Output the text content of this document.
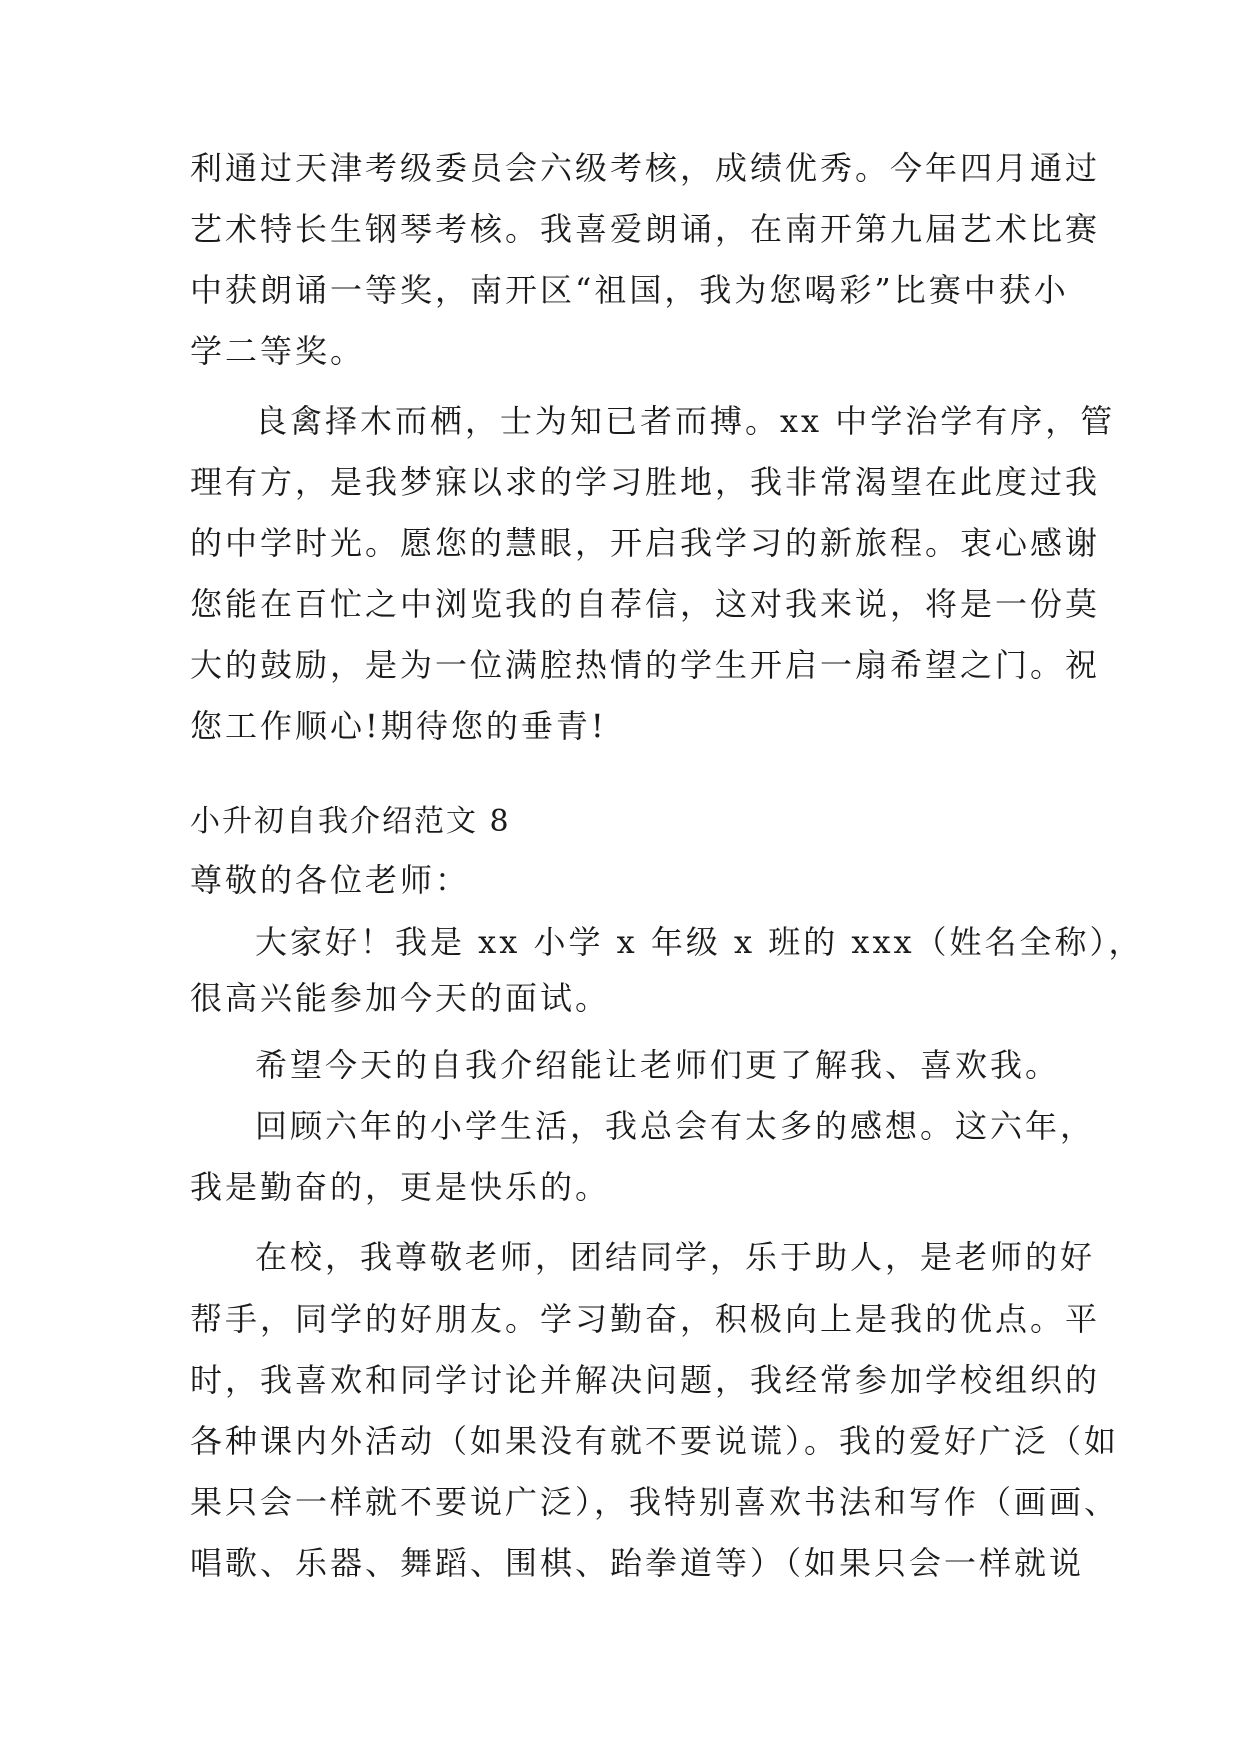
利通过天津考级委员会六级考核，成绩优秀。今年四月通过
艺术特长生钢琴考核。我喜爱朗诵，在南开第九届艺术比赛
中获朗诵一等奖，南开区“祖国，我为您喝彩”比赛中获小
学二等奖。
良禽择木而栖，士为知已者而搏。xx 中学治学有序，管
理有方，是我梦寐以求的学习胜地，我非常渴望在此度过我
的中学时光。愿您的慧眼，开启我学习的新旅程。衷心感谢
您能在百忙之中浏览我的自荐信，这对我来说，将是一份莫
大的鼓励，是为一位满腔热情的学生开启一扇希望之门。祝
您工作顺心!期待您的垂青!
小升初自我介绍范文 8
尊敬的各位老师：
大家好！我是 xx 小学 x 年级 x 班的 xxx（姓名全称），
很高兴能参加今天的面试。
希望今天的自我介绍能让老师们更了解我、喜欢我。
回顾六年的小学生活，我总会有太多的感想。这六年，
我是勤奋的，更是快乐的。
在校，我尊敬老师，团结同学，乐于助人，是老师的好
帮手，同学的好朋友。学习勤奋，积极向上是我的优点。平
时，我喜欢和同学讨论并解决问题，我经常参加学校组织的
各种课内外活动（如果没有就不要说谎）。我的爱好广泛（如
果只会一样就不要说广泛），我特别喜欢书法和写作（画画、
唱歌、乐器、舞蹈、围棋、跆拳道等）（如果只会一样就说
